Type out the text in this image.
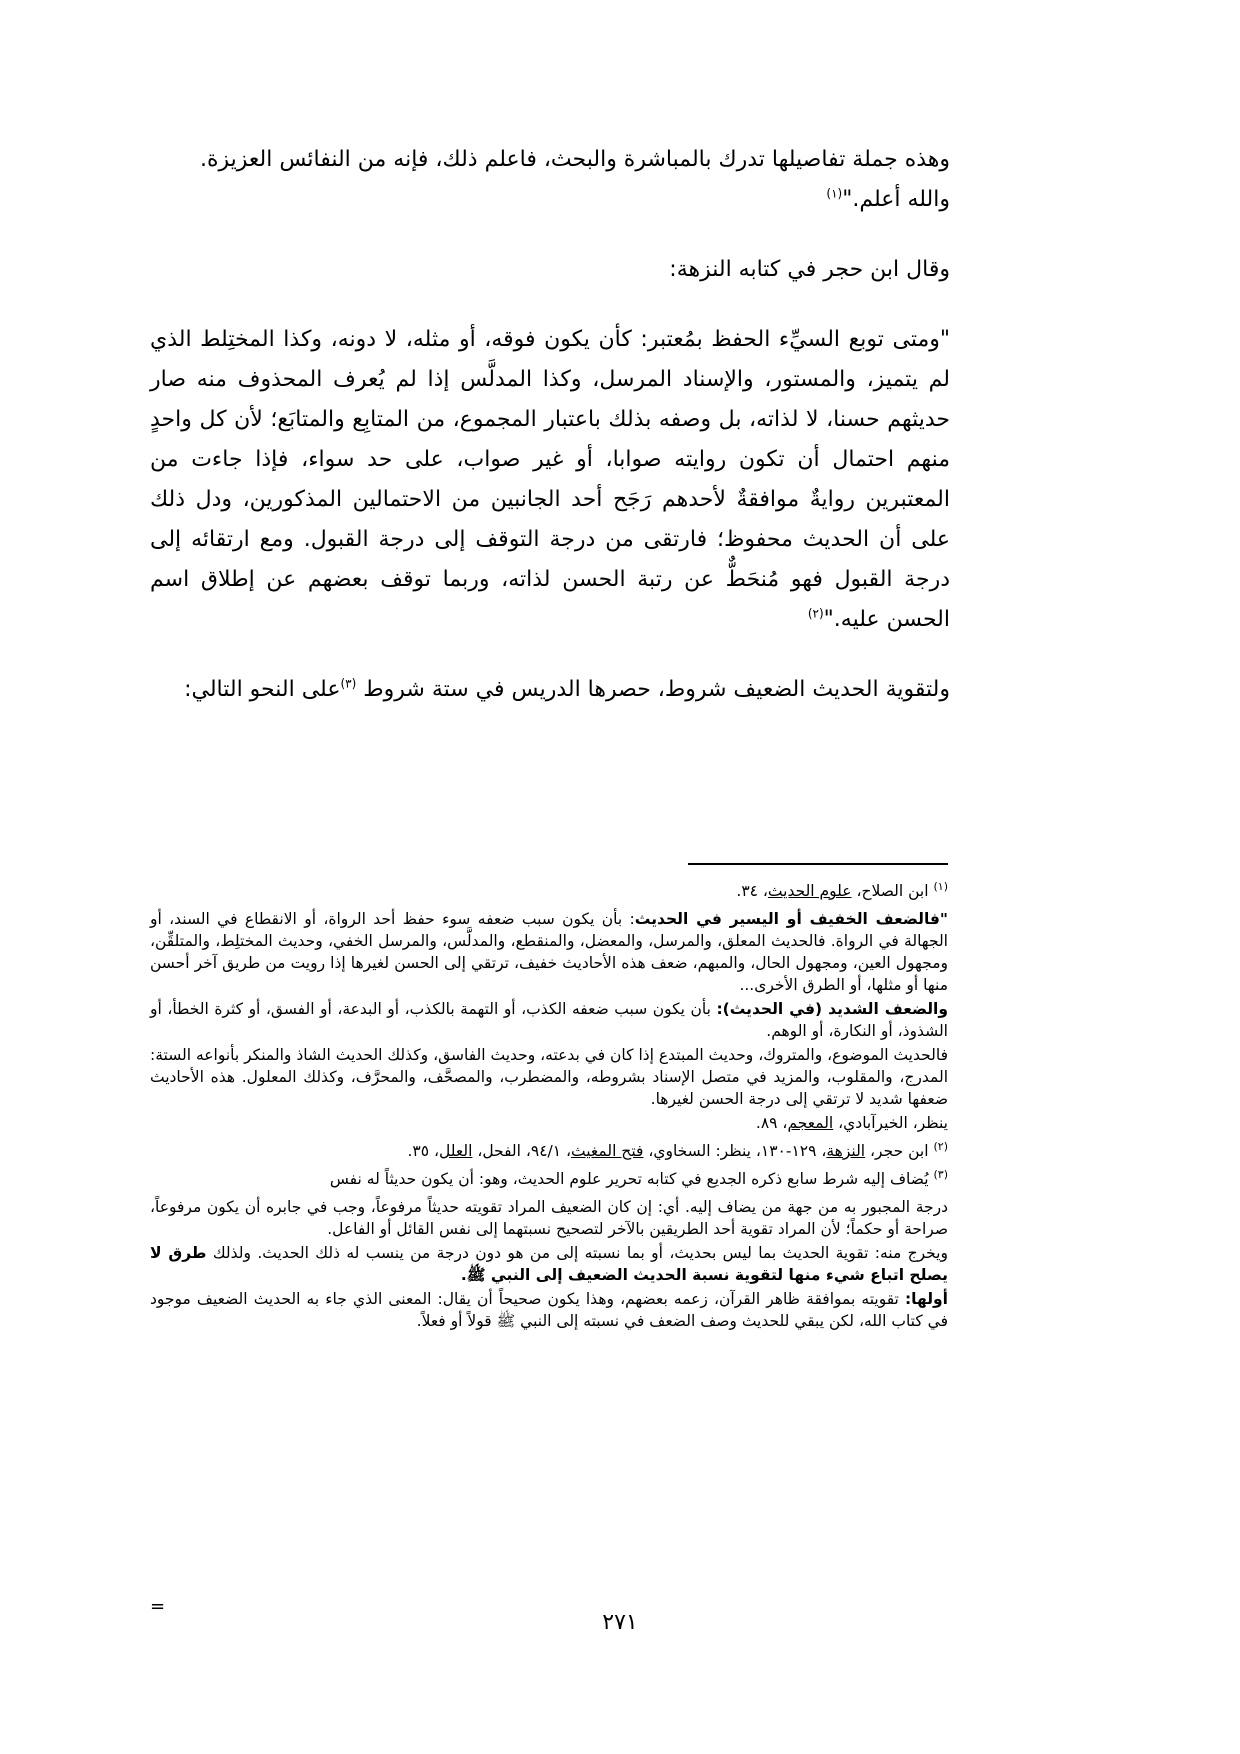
وهذه جملة تفاصيلها تدرك بالمباشرة والبحث، فاعلم ذلك، فإنه من النفائس العزيزة.

والله أعلم."$^{(١)}$

وقال ابن حجر في كتابه النزهة:

"ومتى توبع السيِّء الحفظ بمُعتبر: كأن يكون فوقه، أو مثله، لا دونه، وكذا المختِلط الذي لم يتميز، والمستور، والإسناد المرسل، وكذا المدلَّس إذا لم يُعرف المحذوف منه صار حديثهم حسنا، لا لذاته، بل وصفه بذلك باعتبار المجموع، من المتابِع والمتابَع؛ لأن كل واحدٍ منهم احتمال أن تكون روايته صوابا، أو غير صواب، على حد سواء، فإذا جاءت من المعتبرين روايةٌ موافقةٌ لأحدهم رَجَح أحد الجانبين من الاحتمالين المذكورين، ودل ذلك على أن الحديث محفوظ؛ فارتقى من درجة التوقف إلى درجة القبول. ومع ارتقائه إلى درجة القبول فهو مُنحَطٌّ عن رتبة الحسن لذاته، وربما توقف بعضهم عن إطلاق اسم الحسن عليه."$^{(٢)}$

ولتقوية الحديث الضعيف شروط، حصرها الدريس في ستة شروط $^{(٣)}$على النحو التالي:

$^{(١)}$ ابن الصلاح، علوم الحديث، ٣٤.

"فالضعف الخفيف أو اليسير في الحديث: بأن يكون سبب ضعفه سوء حفظ أحد الرواة، أو الانقطاع في السند، أو الجهالة في الرواة. فالحديث المعلق، والمرسل، والمعضل، والمنقطع، والمدلَّس، والمرسل الخفي، وحديث المختلِط، والمتلقِّن، ومجهول العين، ومجهول الحال، والمبهم، ضعف هذه الأحاديث خفيف، ترتقي إلى الحسن لغيرها إذا رويت من طريق آخر أحسن منها أو مثلها، أو الطرق الأخرى...

والضعف الشديد (في الحديث): بأن يكون سبب ضعفه الكذب، أو التهمة بالكذب، أو البدعة، أو الفسق، أو كثرة الخطأ، أو الشذوذ، أو النكارة، أو الوهم.

فالحديث الموضوع، والمتروك، وحديث المبتدع إذا كان في بدعته، وحديث الفاسق، وكذلك الحديث الشاذ والمنكر بأنواعه الستة: المدرج، والمقلوب، والمزيد في متصل الإسناد بشروطه، والمضطرب، والمصحَّف، والمحرَّف، وكذلك المعلول. هذه الأحاديث ضعفها شديد لا ترتقي إلى درجة الحسن لغيرها.

ينظر، الخيرآبادي، المعجم، ٨٩.

$^{(٢)}$ ابن حجر، النزهة، ١٢٩-١٣٠، ينظر: السخاوي، فتح المغيث، ٩٤/١، الفحل، العلل، ٣٥.

$^{(٣)}$ يُضاف إليه شرط سابع ذكره الجديع في كتابه تحرير علوم الحديث، وهو: أن يكون حديثاً له نفس

درجة المجبور به من جهة من يضاف إليه. أي: إن كان الضعيف المراد تقويته حديثاً مرفوعاً، وجب في جابره أن يكون مرفوعاً، صراحة أو حكماً؛ لأن المراد تقوية أحد الطريقين بالآخر لتصحيح نسبتهما إلى نفس القائل أو الفاعل.

ويخرج منه: تقوية الحديث بما ليس بحديث، أو بما نسبته إلى من هو دون درجة من ينسب له ذلك الحديث. ولذلك طرق لا يصلح اتباع شيء منها لتقوية نسبة الحديث الضعيف إلى النبي ﷺ.

أولها: تقويته بموافقة ظاهر القرآن، زعمه بعضهم، وهذا يكون صحيحاً أن يقال: المعنى الذي جاء به الحديث الضعيف موجود في كتاب الله، لكن يبقي للحديث وصف الضعف في نسبته إلى النبي ﷺ قولاً أو فعلاً.

=
٢٧١
